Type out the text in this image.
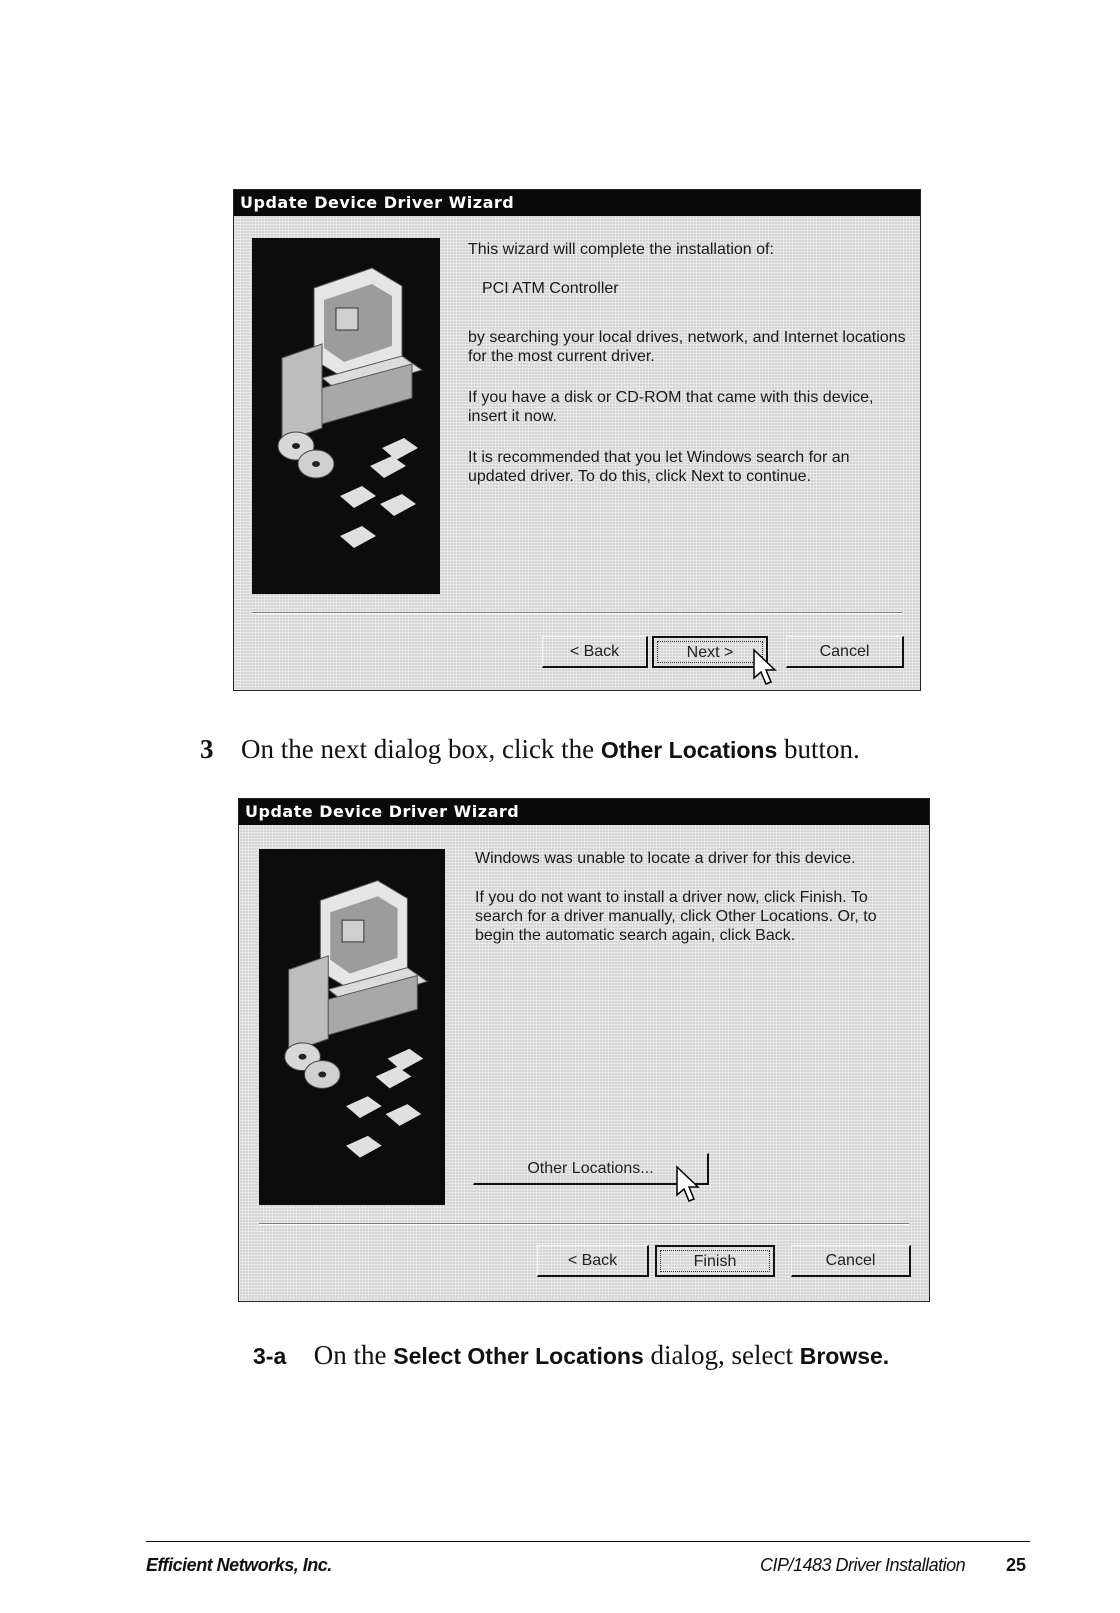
Update Device Driver Wizard

This wizard will complete the installation of:

PCI ATM Controller

by searching your local drives, network, and Internet locations for the most current driver.

If you have a disk or CD-ROM that came with this device, insert it now.

It is recommended that you let Windows search for an updated driver. To do this, click Next to continue.

< Back	Next >	Cancel
3 On the next dialog box, click the Other Locations button.
Update Device Driver Wizard

Windows was unable to locate a driver for this device.

If you do not want to install a driver now, click Finish. To search for a driver manually, click Other Locations. Or, to begin the automatic search again, click Back.

Other Locations...
< Back	Finish	Cancel
3-a On the Select Other Locations dialog, select Browse.
Efficient Networks, Inc.	CIP/1483 Driver Installation 25
